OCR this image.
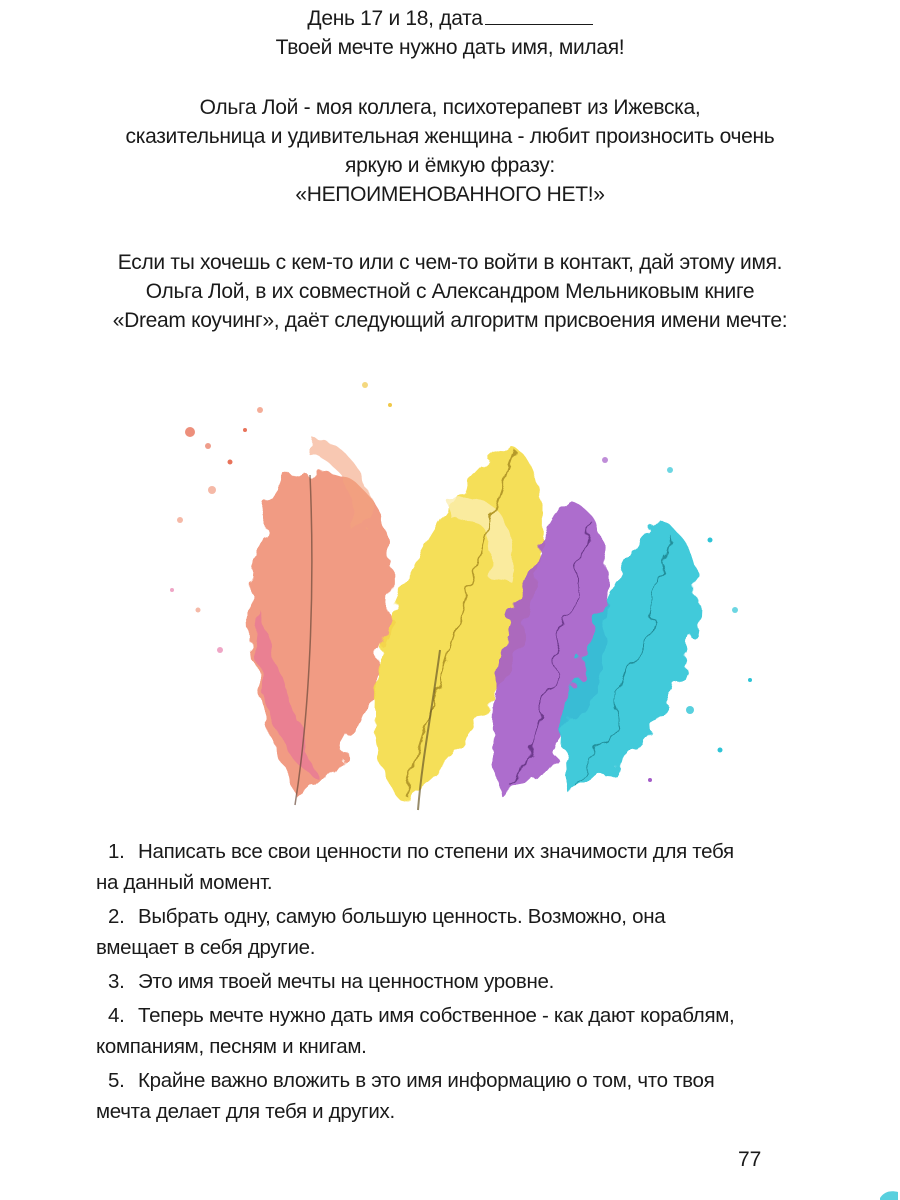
День 17 и 18, дата
Твоей мечте нужно дать имя, милая!
Ольга Лой - моя коллега, психотерапевт из Ижевска,
сказительница и удивительная женщина - любит произносить очень
яркую и ёмкую фразу:
«НЕПОИМЕНОВАННОГО НЕТ!»
Если ты хочешь с кем-то или с чем-то войти в контакт, дай этому имя.
Ольга Лой, в их совместной с Александром Мельниковым книге
«Dream коучинг», даёт следующий алгоритм присвоения имени мечте:
1. Написать все свои ценности по степени их значимости для тебя
на данный момент.
2. Выбрать одну, самую большую ценность. Возможно, она
вмещает в себя другие.
3. Это имя твоей мечты на ценностном уровне.
4. Теперь мечте нужно дать имя собственное - как дают кораблям,
компаниям, песням и книгам.
5. Крайне важно вложить в это имя информацию о том, что твоя
мечта делает для тебя и других.
77
